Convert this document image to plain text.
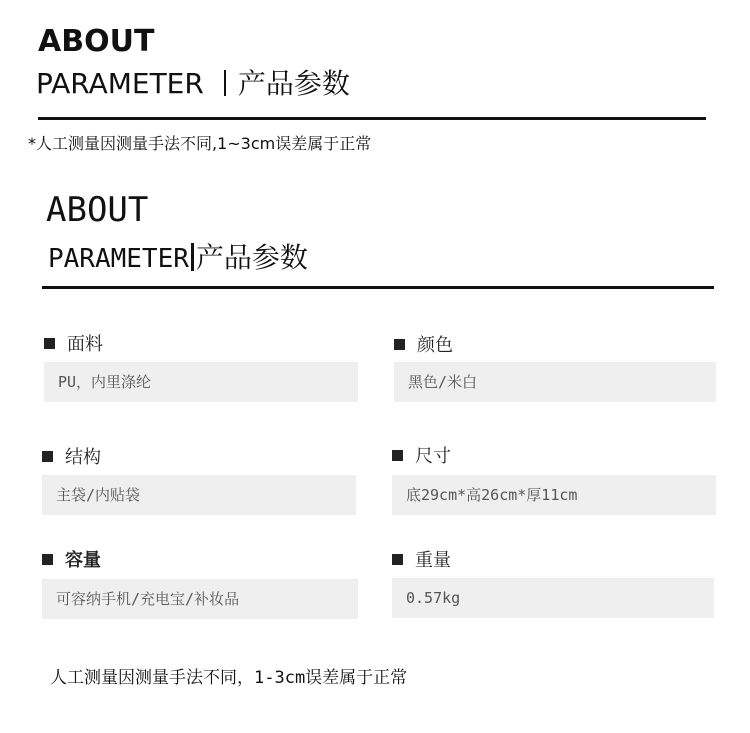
ABOUT
PARAMETER 产品参数
*人工测量因测量手法不同,1~3cm误差属于正常
ABOUT
PARAMETER 产品参数
面料
PU，内里涤纶
颜色
黑色/米白
结构
主袋/内贴袋
尺寸
底29cm*高26cm*厚11cm
容量
可容纳手机/充电宝/补妆品
重量
0.57kg
人工测量因测量手法不同，1-3cm误差属于正常
